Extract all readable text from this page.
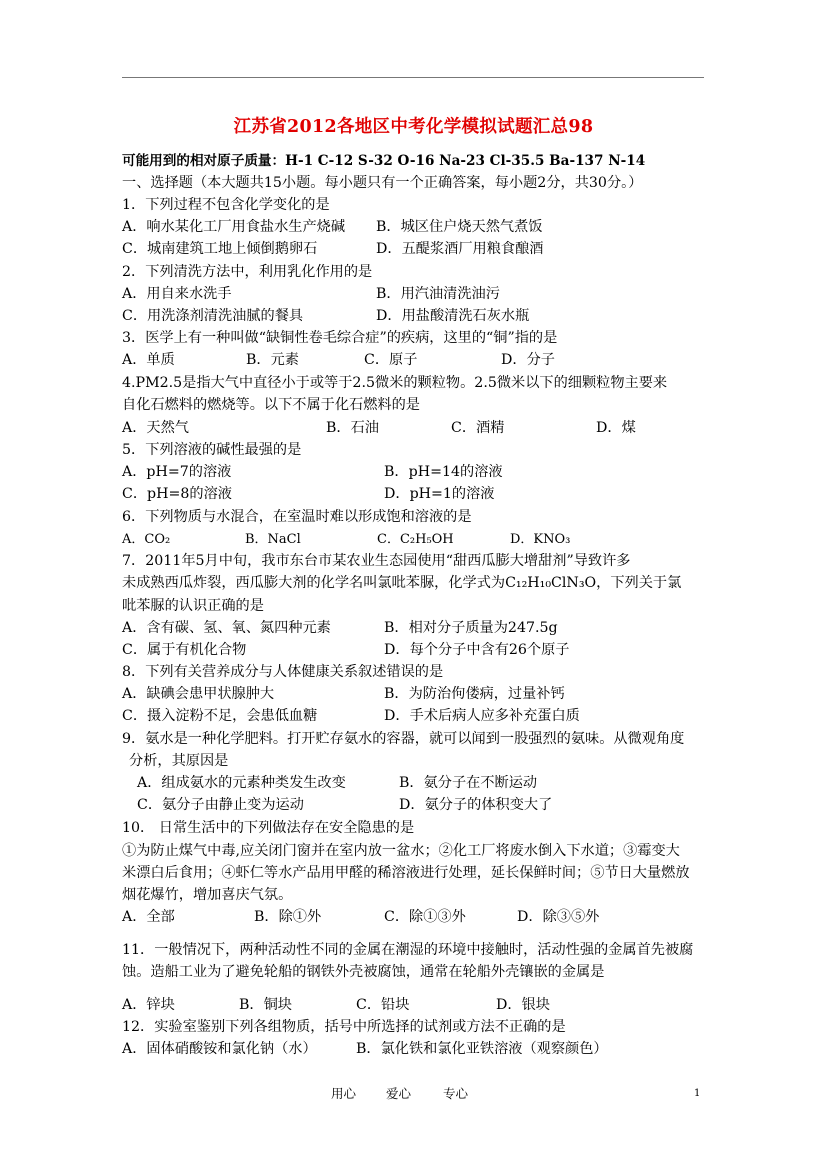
江苏省2012各地区中考化学模拟试题汇总98
可能用到的相对原子质量：H-1 C-12 S-32 O-16 Na-23 Cl-35.5 Ba-137 N-14
一、选择题（本大题共15小题。每小题只有一个正确答案，每小题2分，共30分。）
1．下列过程不包含化学变化的是
A．响水某化工厂用食盐水生产烧碱 B．城区住户烧天然气煮饭
C．城南建筑工地上倾倒鹅卵石	D．五醍浆酒厂用粮食酿酒
2．下列清洗方法中，利用乳化作用的是
A．用自来水洗手	B．用汽油清洗油污
C．用洗涤剂清洗油腻的餐具	D．用盐酸清洗石灰水瓶
3．医学上有一种叫做“缺铜性卷毛综合症”的疾病，这里的“铜”指的是
A．单质	B．元素	C．原子	D．分子
4.PM2.5是指大气中直径小于或等于2.5微米的颗粒物。2.5微米以下的细颗粒物主要来
自化石燃料的燃烧等。以下不属于化石燃料的是
A．天然气	B．石油	C．酒精	D．煤
5．下列溶液的碱性最强的是
A．pH=7的溶液	B．pH=14的溶液
C．pH=8的溶液	D．pH=1的溶液
6．下列物质与水混合，在室温时难以形成饱和溶液的是
A．CO₂	B．NaCl	C．C₂H₅OH	D．KNO₃
7．2011年5月中旬，我市东台市某农业生态园使用“甜西瓜膨大增甜剂”导致许多
未成熟西瓜炸裂，西瓜膨大剂的化学名叫氯吡苯脲，化学式为C₁₂H₁₀ClN₃O，下列关于氯
吡苯脲的认识正确的是
A．含有碳、氢、氧、氮四种元素	B．相对分子质量为247.5g
C．属于有机化合物	D．每个分子中含有26个原子
8．下列有关营养成分与人体健康关系叙述错误的是
A．缺碘会患甲状腺肿大	B．为防治佝偻病，过量补钙
C．摄入淀粉不足，会患低血糖	D．手术后病人应多补充蛋白质
9．氨水是一种化学肥料。打开贮存氨水的容器，就可以闻到一股强烈的氨味。从微观角度
分析，其原因是
A．组成氨水的元素种类发生改变	B．氨分子在不断运动
C．氨分子由静止变为运动	D．氨分子的体积变大了
10． 日常生活中的下列做法存在安全隐患的是
①为防止煤气中毒,应关闭门窗并在室内放一盆水；②化工厂将废水倒入下水道；③霉变大
米漂白后食用；④虾仁等水产品用甲醛的稀溶液进行处理，延长保鲜时间；⑤节日大量燃放
烟花爆竹，增加喜庆气氛。
A．全部	B．除①外	C．除①③外	D．除③⑤外
11．一般情况下，两种活动性不同的金属在潮湿的环境中接触时，活动性强的金属首先被腐
蚀。造船工业为了避免轮船的钢铁外壳被腐蚀，通常在轮船外壳镶嵌的金属是
A．锌块	B．铜块	C．铅块	D．银块
12．实验室鉴别下列各组物质，括号中所选择的试剂或方法不正确的是
A．固体硝酸铵和氯化钠（水）	B．氯化铁和氯化亚铁溶液（观察颜色）
用心 爱心	专心	1
